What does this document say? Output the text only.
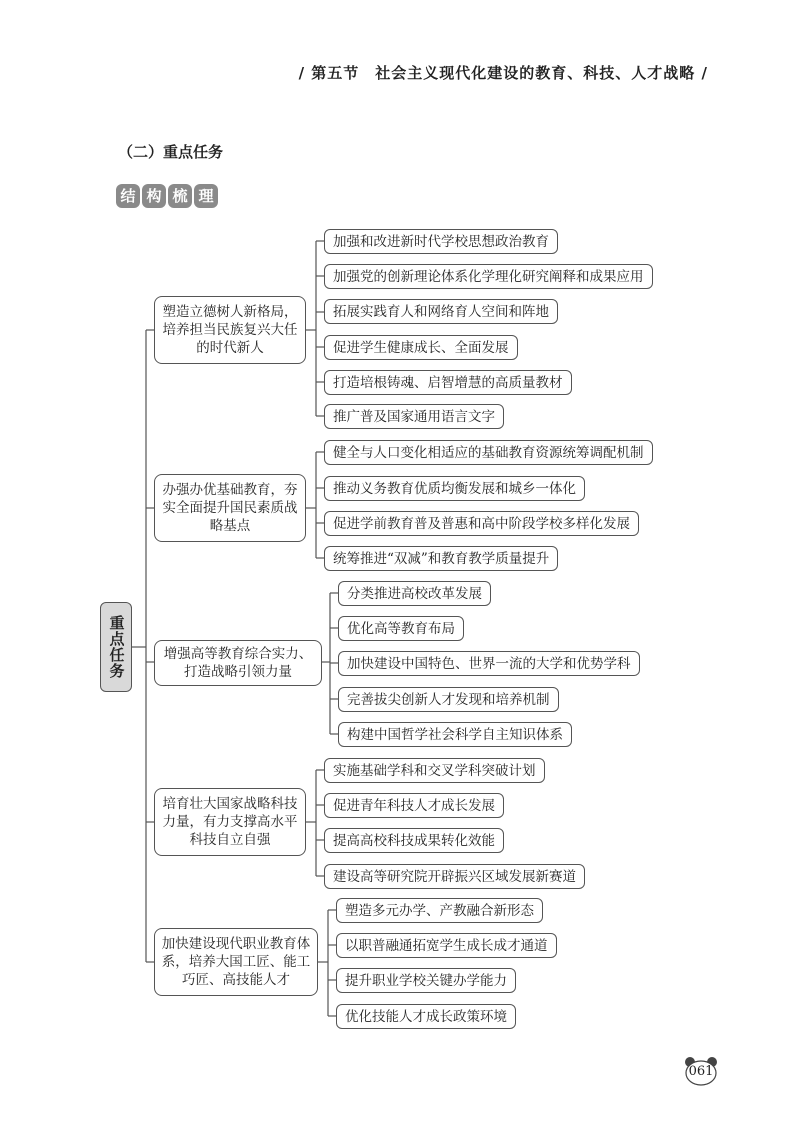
/ 第五节　社会主义现代化建设的教育、科技、人才战略 /
（二）重点任务
结 构 梳 理
重点任务
塑造立德树人新格局，培养担当民族复兴大任的时代新人
加强和改进新时代学校思想政治教育
加强党的创新理论体系化学理化研究阐释和成果应用
拓展实践育人和网络育人空间和阵地
促进学生健康成长、全面发展
打造培根铸魂、启智增慧的高质量教材
推广普及国家通用语言文字
办强办优基础教育，夯实全面提升国民素质战略基点
健全与人口变化相适应的基础教育资源统筹调配机制
推动义务教育优质均衡发展和城乡一体化
促进学前教育普及普惠和高中阶段学校多样化发展
统筹推进“双减”和教育教学质量提升
增强高等教育综合实力、打造战略引领力量
分类推进高校改革发展
优化高等教育布局
加快建设中国特色、世界一流的大学和优势学科
完善拔尖创新人才发现和培养机制
构建中国哲学社会科学自主知识体系
培育壮大国家战略科技力量，有力支撑高水平科技自立自强
实施基础学科和交叉学科突破计划
促进青年科技人才成长发展
提高高校科技成果转化效能
建设高等研究院开辟振兴区域发展新赛道
加快建设现代职业教育体系，培养大国工匠、能工巧匠、高技能人才
塑造多元办学、产教融合新形态
以职普融通拓宽学生成长成才通道
提升职业学校关键办学能力
优化技能人才成长政策环境
061
